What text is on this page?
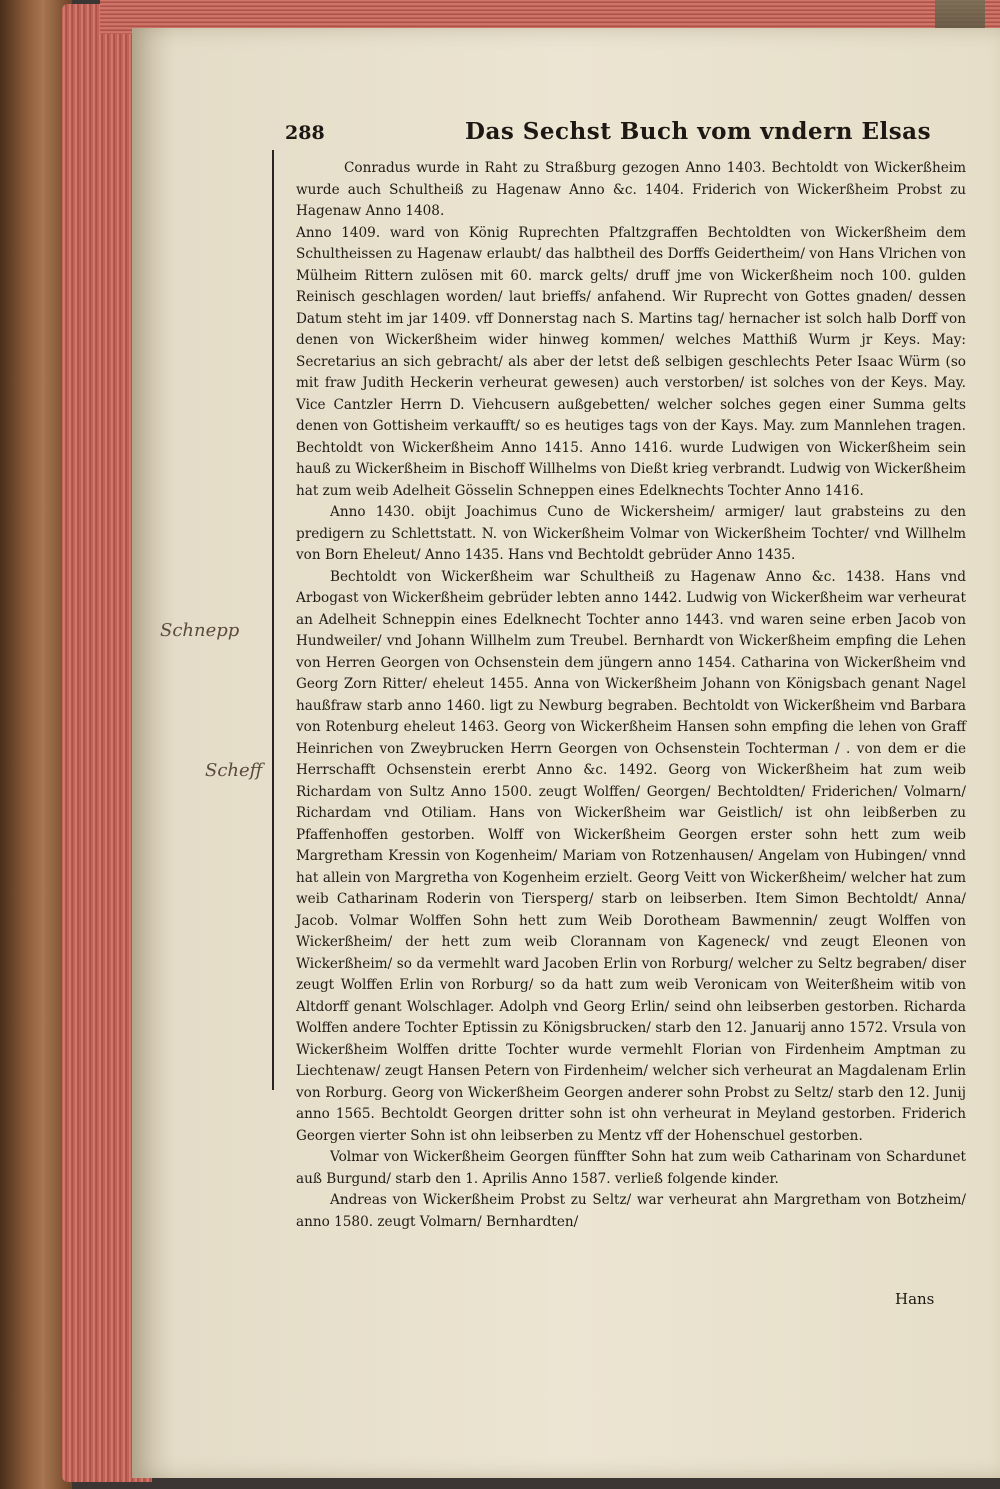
Schnepp
Scheff
288	Das Sechst Buch vom vndern Elsas

Conradus wurde in Raht zu Straßburg gezogen Anno 1403. Bechtoldt von Wickerßheim wurde auch Schultheiß zu Hagenaw Anno &c. 1404. Friderich von Wickerßheim Probst zu Hagenaw Anno 1408.

Anno 1409. ward von König Ruprechten Pfaltzgraffen Bechtoldten von Wickerßheim dem Schultheissen zu Hagenaw erlaubt/ das halbtheil des Dorffs Geidertheim/ von Hans Vlrichen von Mülheim Rittern zulösen mit 60. marck gelts/ druff jme von Wickerßheim noch 100. gulden Reinisch geschlagen worden/ laut brieffs/ anfahend. Wir Ruprecht von Gottes gnaden/ dessen Datum steht im jar 1409. vff Donnerstag nach S. Martins tag/ hernacher ist solch halb Dorff von denen von Wickerßheim wider hinweg kommen/ welches Matthiß Wurm jr Keys. May: Secretarius an sich gebracht/ als aber der letst deß selbigen geschlechts Peter Isaac Würm (so mit fraw Judith Heckerin verheurat gewesen) auch verstorben/ ist solches von der Keys. May. Vice Cantzler Herrn D. Viehcusern außgebetten/ welcher solches gegen einer Summa gelts denen von Gottisheim verkaufft/ so es heutiges tags von der Kays. May. zum Mannlehen tragen. Bechtoldt von Wickerßheim Anno 1415. Anno 1416. wurde Ludwigen von Wickerßheim sein hauß zu Wickerßheim in Bischoff Willhelms von Dießt krieg verbrandt. Ludwig von Wickerßheim hat zum weib Adelheit Gösselin Schneppen eines Edelknechts Tochter Anno 1416.

Anno 1430. obijt Joachimus Cuno de Wickersheim/ armiger/ laut grabsteins zu den predigern zu Schlettstatt. N. von Wickerßheim Volmar von Wickerßheim Tochter/ vnd Willhelm von Born Eheleut/ Anno 1435. Hans vnd Bechtoldt gebrüder Anno 1435.

Bechtoldt von Wickerßheim war Schultheiß zu Hagenaw Anno &c. 1438. Hans vnd Arbogast von Wickerßheim gebrüder lebten anno 1442. Ludwig von Wickerßheim war verheurat an Adelheit Schneppin eines Edelknecht Tochter anno 1443. vnd waren seine erben Jacob von Hundweiler/ vnd Johann Willhelm zum Treubel. Bernhardt von Wickerßheim empfing die Lehen von Herren Georgen von Ochsenstein dem jüngern anno 1454. Catharina von Wickerßheim vnd Georg Zorn Ritter/ eheleut 1455. Anna von Wickerßheim Johann von Königsbach genant Nagel haußfraw starb anno 1460. ligt zu Newburg begraben. Bechtoldt von Wickerßheim vnd Barbara von Rotenburg eheleut 1463. Georg von Wickerßheim Hansen sohn empfing die lehen von Graff Heinrichen von Zweybrucken Herrn Georgen von Ochsenstein Tochterman / . von dem er die Herrschafft Ochsenstein ererbt Anno &c. 1492. Georg von Wickerßheim hat zum weib Richardam von Sultz Anno 1500. zeugt Wolffen/ Georgen/ Bechtoldten/ Friderichen/ Volmarn/ Richardam vnd Otiliam. Hans von Wickerßheim war Geistlich/ ist ohn leibßerben zu Pfaffenhoffen gestorben. Wolff von Wickerßheim Georgen erster sohn hett zum weib Margretham Kressin von Kogenheim/ Mariam von Rotzenhausen/ Angelam von Hubingen/ vnnd hat allein von Margretha von Kogenheim erzielt. Georg Veitt von Wickerßheim/ welcher hat zum weib Catharinam Roderin von Tiersperg/ starb on leibserben. Item Simon Bechtoldt/ Anna/ Jacob. Volmar Wolffen Sohn hett zum Weib Dorotheam Bawmennin/ zeugt Wolffen von Wickerßheim/ der hett zum weib Clorannam von Kageneck/ vnd zeugt Eleonen von Wickerßheim/ so da vermehlt ward Jacoben Erlin von Rorburg/ welcher zu Seltz begraben/ diser zeugt Wolffen Erlin von Rorburg/ so da hatt zum weib Veronicam von Weiterßheim witib von Altdorff genant Wolschlager. Adolph vnd Georg Erlin/ seind ohn leibserben gestorben. Richarda Wolffen andere Tochter Eptissin zu Königsbrucken/ starb den 12. Januarij anno 1572. Vrsula von Wickerßheim Wolffen dritte Tochter wurde vermehlt Florian von Firdenheim Amptman zu Liechtenaw/ zeugt Hansen Petern von Firdenheim/ welcher sich verheurat an Magdalenam Erlin von Rorburg. Georg von Wickerßheim Georgen anderer sohn Probst zu Seltz/ starb den 12. Junij anno 1565. Bechtoldt Georgen dritter sohn ist ohn verheurat in Meyland gestorben. Friderich Georgen vierter Sohn ist ohn leibserben zu Mentz vff der Hohenschuel gestorben.

Volmar von Wickerßheim Georgen fünffter Sohn hat zum weib Catharinam von Schardunet auß Burgund/ starb den 1. Aprilis Anno 1587. verließ folgende kinder.

Andreas von Wickerßheim Probst zu Seltz/ war verheurat ahn Margretham von Botzheim/ anno 1580. zeugt Volmarn/ Bernhardten/

Hans
